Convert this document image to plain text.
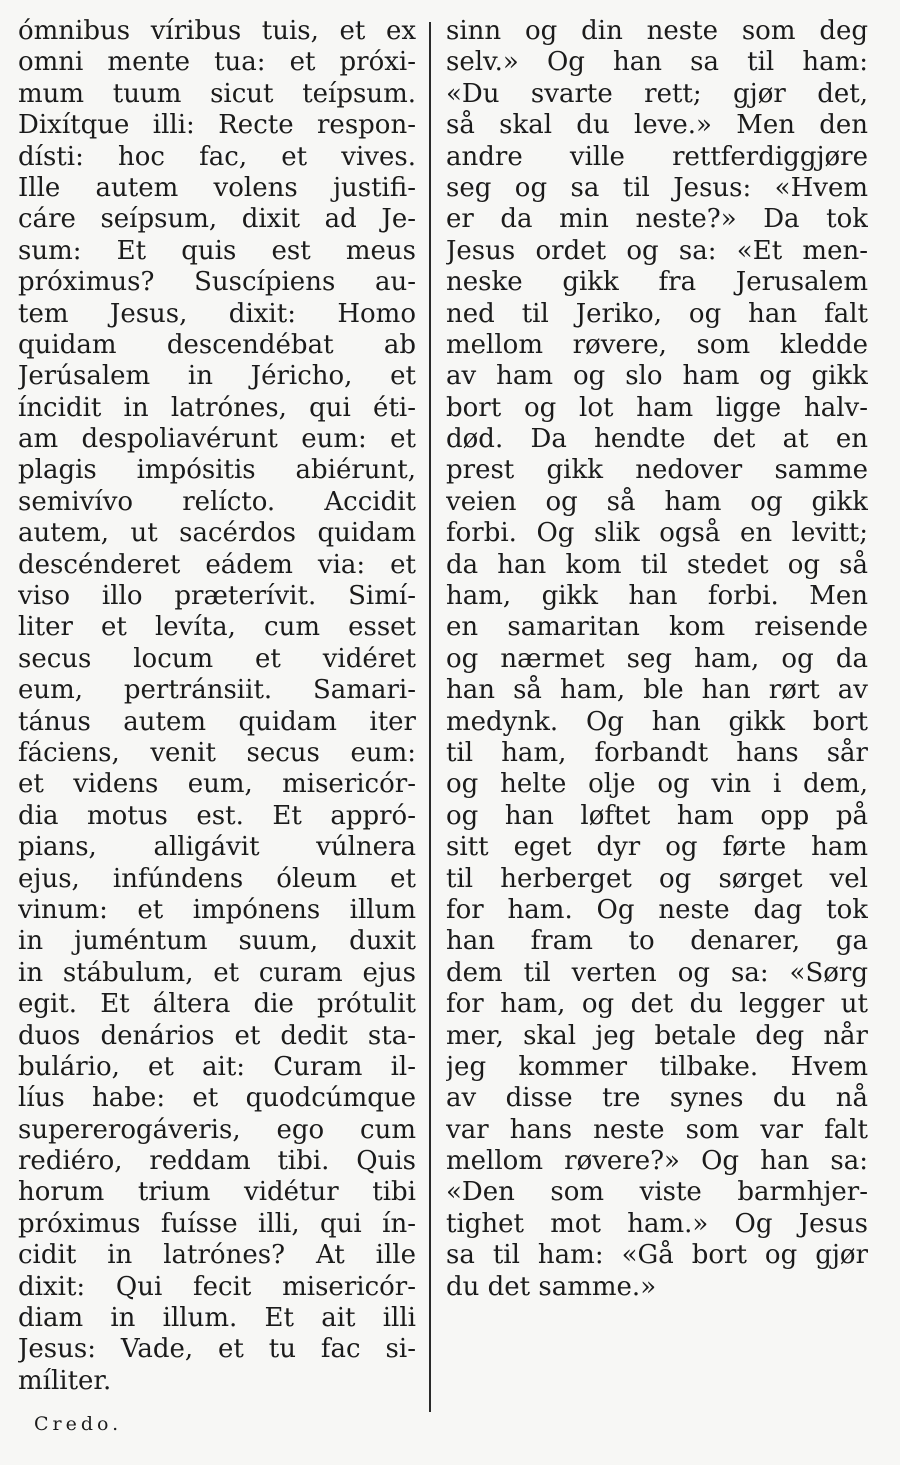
ómnibus víribus tuis, et ex
omni mente tua: et próxi-
mum tuum sicut teípsum.
Dixítque illi: Recte respon-
dísti: hoc fac, et vives.
Ille autem volens justifi-
cáre seípsum, dixit ad Je-
sum: Et quis est meus
próximus? Suscípiens au-
tem Jesus, dixit: Homo
quidam descendébat ab
Jerúsalem in Jéricho, et
íncidit in latrónes, qui éti-
am despoliavérunt eum: et
plagis impósitis abiérunt,
semivívo relícto. Accidit
autem, ut sacérdos quidam
descénderet eádem via: et
viso illo præterívit. Simí-
liter et levíta, cum esset
secus locum et vidéret
eum, pertránsiit. Samari-
tánus autem quidam iter
fáciens, venit secus eum:
et videns eum, misericór-
dia motus est. Et appró-
pians, alligávit vúlnera
ejus, infúndens óleum et
vinum: et impónens illum
in juméntum suum, duxit
in stábulum, et curam ejus
egit. Et áltera die prótulit
duos denários et dedit sta-
bulário, et ait: Curam il-
líus habe: et quodcúmque
supererogáveris, ego cum
rediéro, reddam tibi. Quis
horum trium vidétur tibi
próximus fuísse illi, qui ín-
cidit in latrónes? At ille
dixit: Qui fecit misericór-
diam in illum. Et ait illi
Jesus: Vade, et tu fac si-
míliter.
sinn og din neste som deg
selv.» Og han sa til ham:
«Du svarte rett; gjør det,
så skal du leve.» Men den
andre ville rettferdiggjøre
seg og sa til Jesus: «Hvem
er da min neste?» Da tok
Jesus ordet og sa: «Et men-
neske gikk fra Jerusalem
ned til Jeriko, og han falt
mellom røvere, som kledde
av ham og slo ham og gikk
bort og lot ham ligge halv-
død. Da hendte det at en
prest gikk nedover samme
veien og så ham og gikk
forbi. Og slik også en levitt;
da han kom til stedet og så
ham, gikk han forbi. Men
en samaritan kom reisende
og nærmet seg ham, og da
han så ham, ble han rørt av
medynk. Og han gikk bort
til ham, forbandt hans sår
og helte olje og vin i dem,
og han løftet ham opp på
sitt eget dyr og førte ham
til herberget og sørget vel
for ham. Og neste dag tok
han fram to denarer, ga
dem til verten og sa: «Sørg
for ham, og det du legger ut
mer, skal jeg betale deg når
jeg kommer tilbake. Hvem
av disse tre synes du nå
var hans neste som var falt
mellom røvere?» Og han sa:
«Den som viste barmhjer-
tighet mot ham.» Og Jesus
sa til ham: «Gå bort og gjør
du det samme.»
Credo.
